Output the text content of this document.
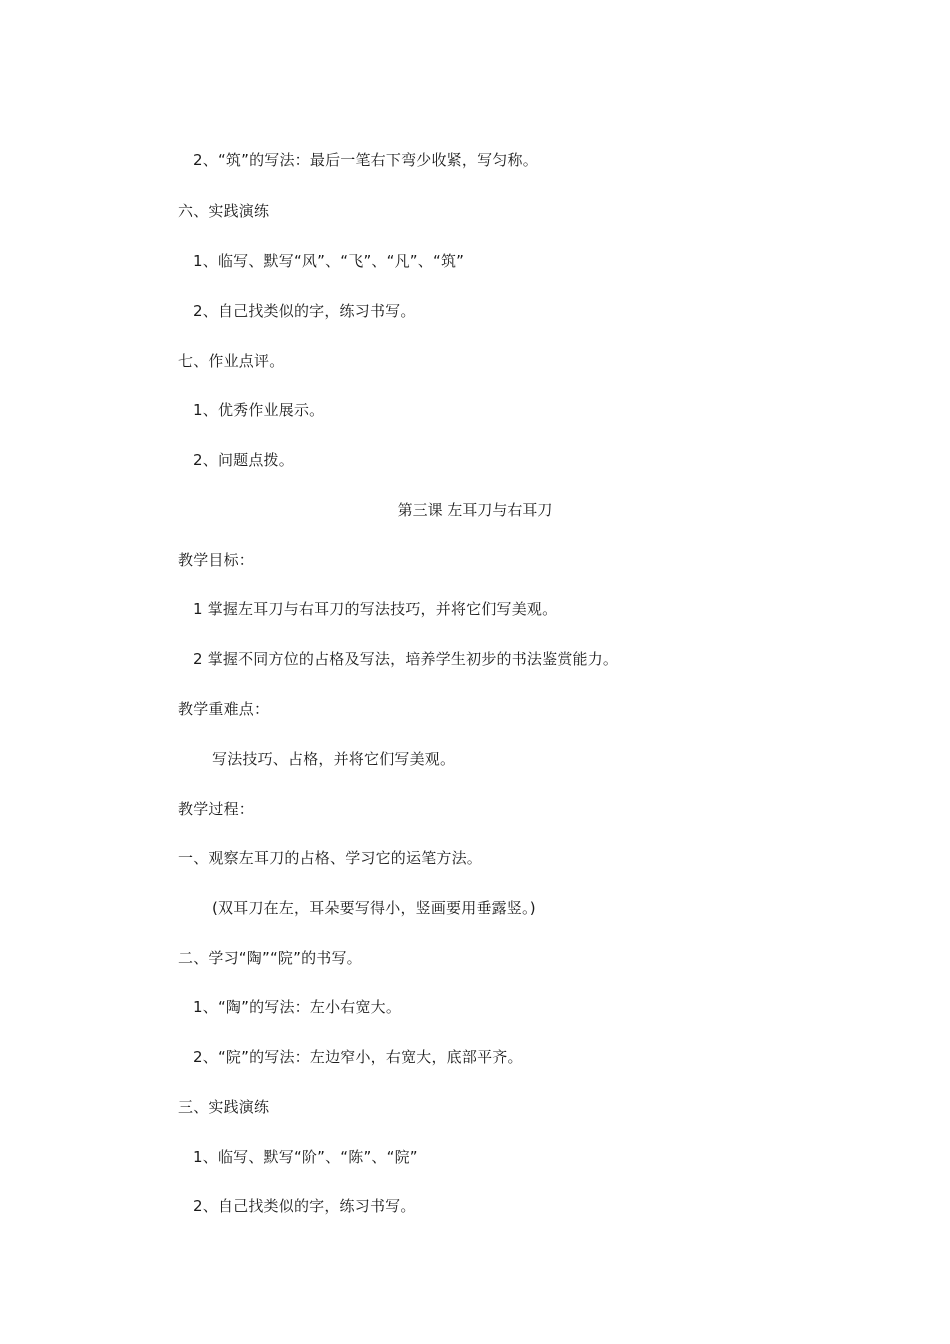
2、“筑”的写法：最后一笔右下弯少收紧，写匀称。
六、实践演练
1、临写、默写“风”、“飞”、“凡”、“筑”
2、自己找类似的字，练习书写。
七、作业点评。
1、优秀作业展示。
2、问题点拨。
第三课 左耳刀与右耳刀
教学目标：
1 掌握左耳刀与右耳刀的写法技巧，并将它们写美观。
2 掌握不同方位的占格及写法，培养学生初步的书法鉴赏能力。
教学重难点：
写法技巧、占格，并将它们写美观。
教学过程：
一、观察左耳刀的占格、学习它的运笔方法。
(双耳刀在左，耳朵要写得小，竖画要用垂露竖。)
二、学习“陶”“院”的书写。
1、“陶”的写法：左小右宽大。
2、“院”的写法：左边窄小，右宽大，底部平齐。
三、实践演练
1、临写、默写“阶”、“陈”、“院”
2、自己找类似的字，练习书写。
